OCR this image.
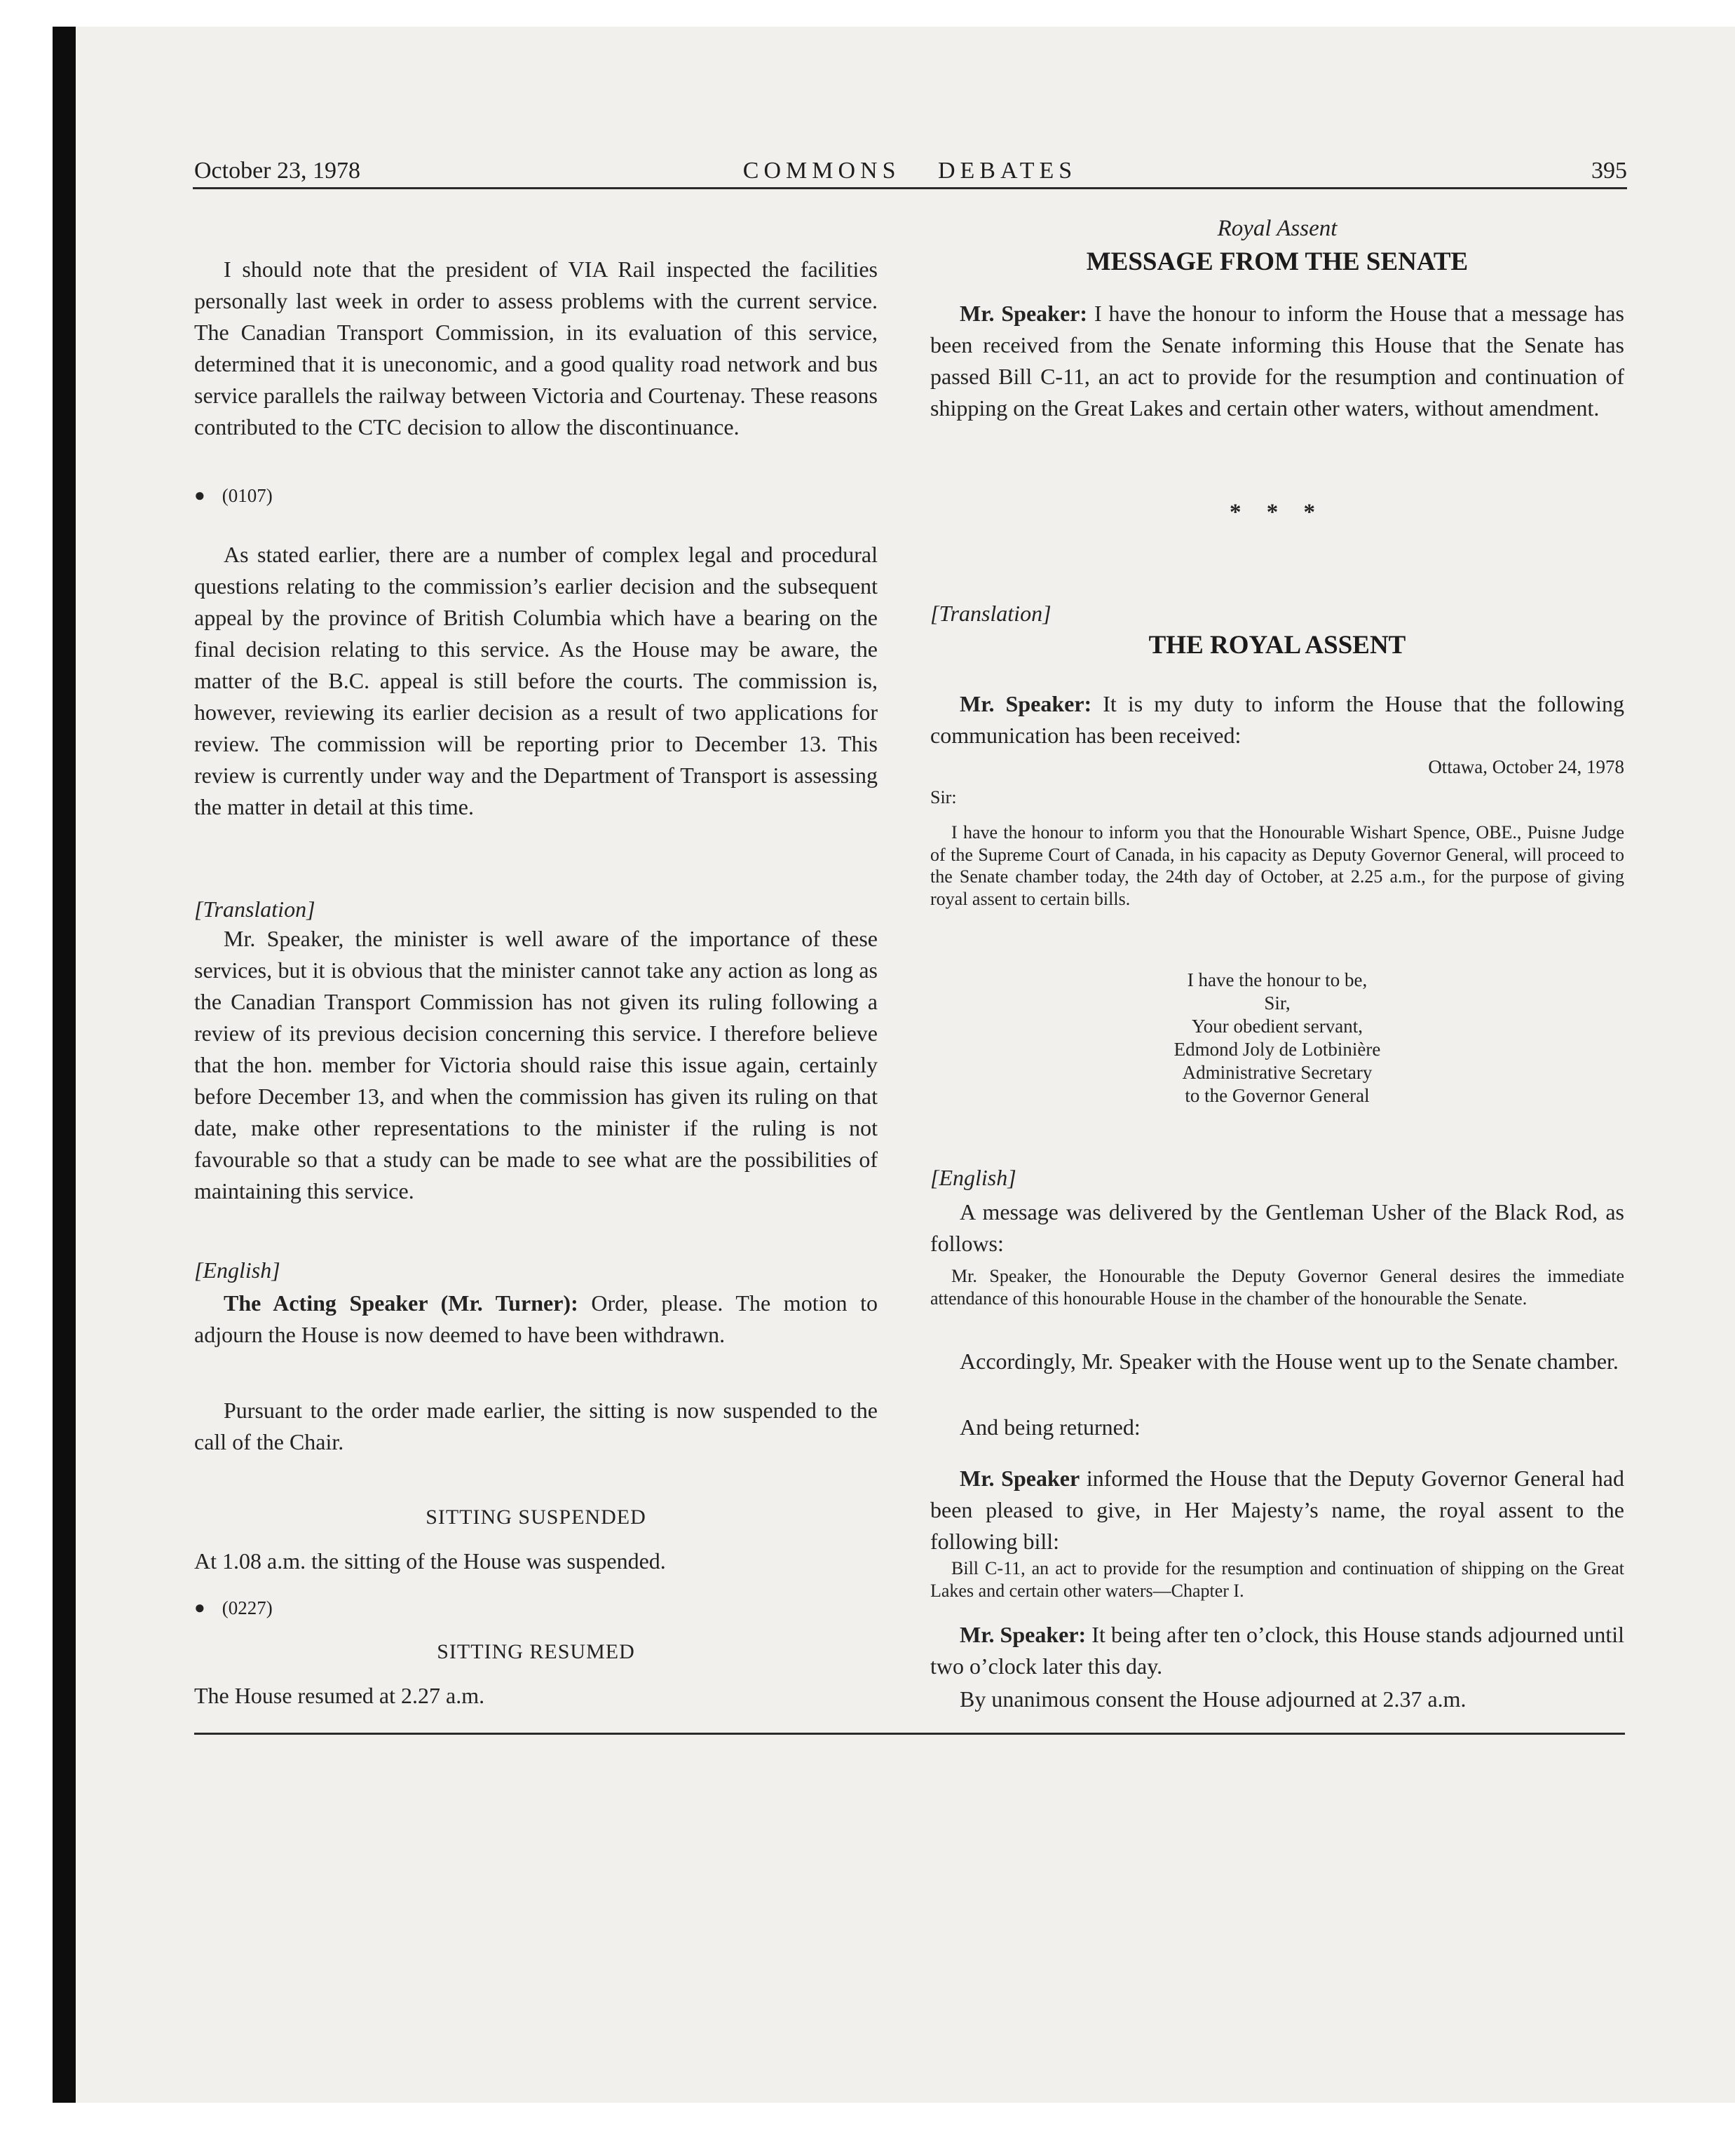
October 23, 1978	COMMONS DEBATES	395
I should note that the president of VIA Rail inspected the facilities personally last week in order to assess problems with the current service. The Canadian Transport Commission, in its evaluation of this service, determined that it is uneconomic, and a good quality road network and bus service parallels the railway between Victoria and Courtenay. These reasons contributed to the CTC decision to allow the discontinuance.
● (0107)
As stated earlier, there are a number of complex legal and procedural questions relating to the commission’s earlier decision and the subsequent appeal by the province of British Columbia which have a bearing on the final decision relating to this service. As the House may be aware, the matter of the B.C. appeal is still before the courts. The commission is, however, reviewing its earlier decision as a result of two applications for review. The commission will be reporting prior to December 13. This review is currently under way and the Department of Transport is assessing the matter in detail at this time.
[Translation]
Mr. Speaker, the minister is well aware of the importance of these services, but it is obvious that the minister cannot take any action as long as the Canadian Transport Commission has not given its ruling following a review of its previous decision concerning this service. I therefore believe that the hon. member for Victoria should raise this issue again, certainly before December 13, and when the commission has given its ruling on that date, make other representations to the minister if the ruling is not favourable so that a study can be made to see what are the possibilities of maintaining this service.
[English]
The Acting Speaker (Mr. Turner): Order, please. The motion to adjourn the House is now deemed to have been withdrawn.
Pursuant to the order made earlier, the sitting is now suspended to the call of the Chair.
SITTING SUSPENDED
At 1.08 a.m. the sitting of the House was suspended.
● (0227)
SITTING RESUMED
The House resumed at 2.27 a.m.
Royal Assent
MESSAGE FROM THE SENATE
Mr. Speaker: I have the honour to inform the House that a message has been received from the Senate informing this House that the Senate has passed Bill C-11, an act to provide for the resumption and continuation of shipping on the Great Lakes and certain other waters, without amendment.
* * *
[Translation]
THE ROYAL ASSENT
Mr. Speaker: It is my duty to inform the House that the following communication has been received:
Ottawa, October 24, 1978
Sir:
I have the honour to inform you that the Honourable Wishart Spence, OBE., Puisne Judge of the Supreme Court of Canada, in his capacity as Deputy Governor General, will proceed to the Senate chamber today, the 24th day of October, at 2.25 a.m., for the purpose of giving royal assent to certain bills.
I have the honour to be,
Sir,
Your obedient servant,
Edmond Joly de Lotbinière
Administrative Secretary
to the Governor General
[English]
A message was delivered by the Gentleman Usher of the Black Rod, as follows:
Mr. Speaker, the Honourable the Deputy Governor General desires the immediate attendance of this honourable House in the chamber of the honourable the Senate.
Accordingly, Mr. Speaker with the House went up to the Senate chamber.
And being returned:
Mr. Speaker informed the House that the Deputy Governor General had been pleased to give, in Her Majesty’s name, the royal assent to the following bill:
Bill C-11, an act to provide for the resumption and continuation of shipping on the Great Lakes and certain other waters—Chapter I.
Mr. Speaker: It being after ten o’clock, this House stands adjourned until two o’clock later this day.
By unanimous consent the House adjourned at 2.37 a.m.
